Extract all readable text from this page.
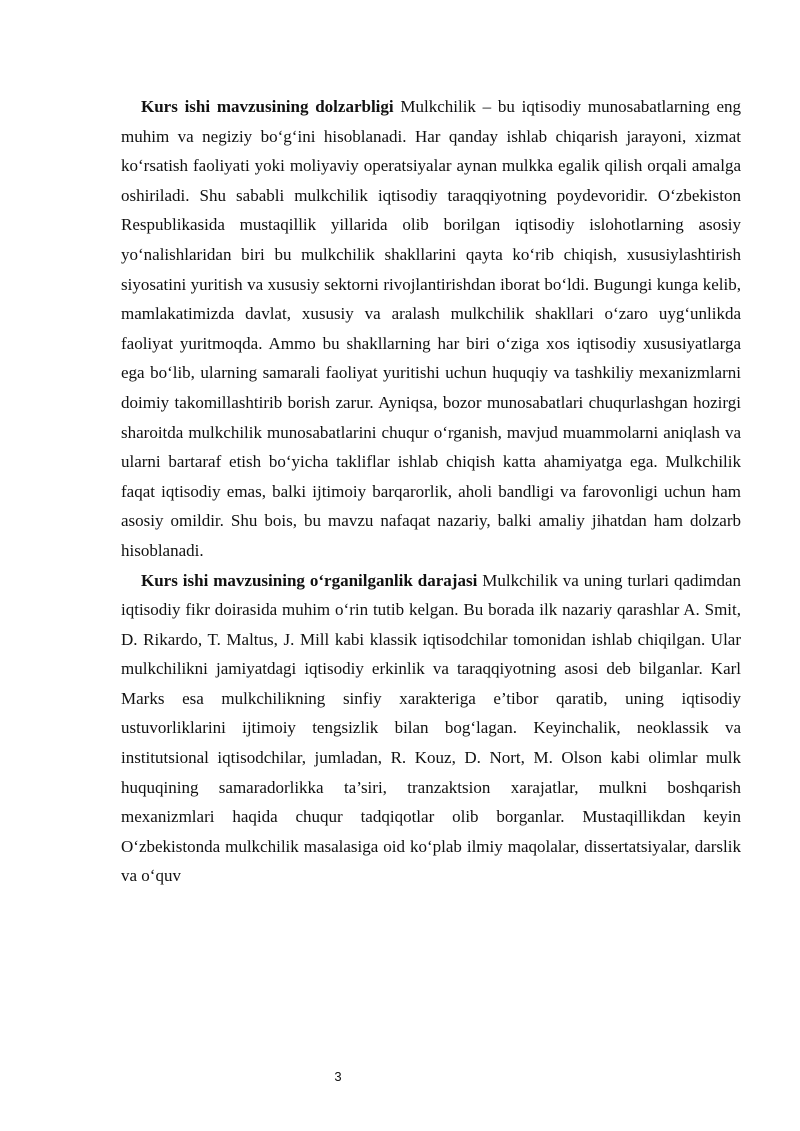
Kurs ishi mavzusining dolzarbligi Mulkchilik – bu iqtisodiy munosabatlarning eng muhim va negiziy bo‘g‘ini hisoblanadi. Har qanday ishlab chiqarish jarayoni, xizmat ko‘rsatish faoliyati yoki moliyaviy operatsiyalar aynan mulkka egalik qilish orqali amalga oshiriladi. Shu sababli mulkchilik iqtisodiy taraqqiyotning poydevoridir. O‘zbekiston Respublikasida mustaqillik yillarida olib borilgan iqtisodiy islohotlarning asosiy yo‘nalishlaridan biri bu mulkchilik shakllarini qayta ko‘rib chiqish, xususiylashtirish siyosatini yuritish va xususiy sektorni rivojlantirishdan iborat bo‘ldi. Bugungi kunga kelib, mamlakatimizda davlat, xususiy va aralash mulkchilik shakllari o‘zaro uyg‘unlikda faoliyat yuritmoqda. Ammo bu shakllarning har biri o‘ziga xos iqtisodiy xususiyatlarga ega bo‘lib, ularning samarali faoliyat yuritishi uchun huquqiy va tashkiliy mexanizmlarni doimiy takomillashtirib borish zarur. Ayniqsa, bozor munosabatlari chuqurlashgan hozirgi sharoitda mulkchilik munosabatlarini chuqur o‘rganish, mavjud muammolarni aniqlash va ularni bartaraf etish bo‘yicha takliflar ishlab chiqish katta ahamiyatga ega. Mulkchilik faqat iqtisodiy emas, balki ijtimoiy barqarorlik, aholi bandligi va farovonligi uchun ham asosiy omildir. Shu bois, bu mavzu nafaqat nazariy, balki amaliy jihatdan ham dolzarb hisoblanadi.

Kurs ishi mavzusining o‘rganilganlik darajasi Mulkchilik va uning turlari qadimdan iqtisodiy fikr doirasida muhim o‘rin tutib kelgan. Bu borada ilk nazariy qarashlar A. Smit, D. Rikardo, T. Maltus, J. Mill kabi klassik iqtisodchilar tomonidan ishlab chiqilgan. Ular mulkchilikni jamiyatdagi iqtisodiy erkinlik va taraqqiyotning asosi deb bilganlar. Karl Marks esa mulkchilikning sinfiy xarakteriga e’tibor qaratib, uning iqtisodiy ustuvorliklarini ijtimoiy tengsizlik bilan bog‘lagan. Keyinchalik, neoklassik va institutsional iqtisodchilar, jumladan, R. Kouz, D. Nort, M. Olson kabi olimlar mulk huquqining samaradorlikka ta’siri, tranzaktsion xarajatlar, mulkni boshqarish mexanizmlari haqida chuqur tadqiqotlar olib borganlar. Mustaqillikdan keyin O‘zbekistonda mulkchilik masalasiga oid ko‘plab ilmiy maqolalar, dissertatsiyalar, darslik va o‘quv

3
